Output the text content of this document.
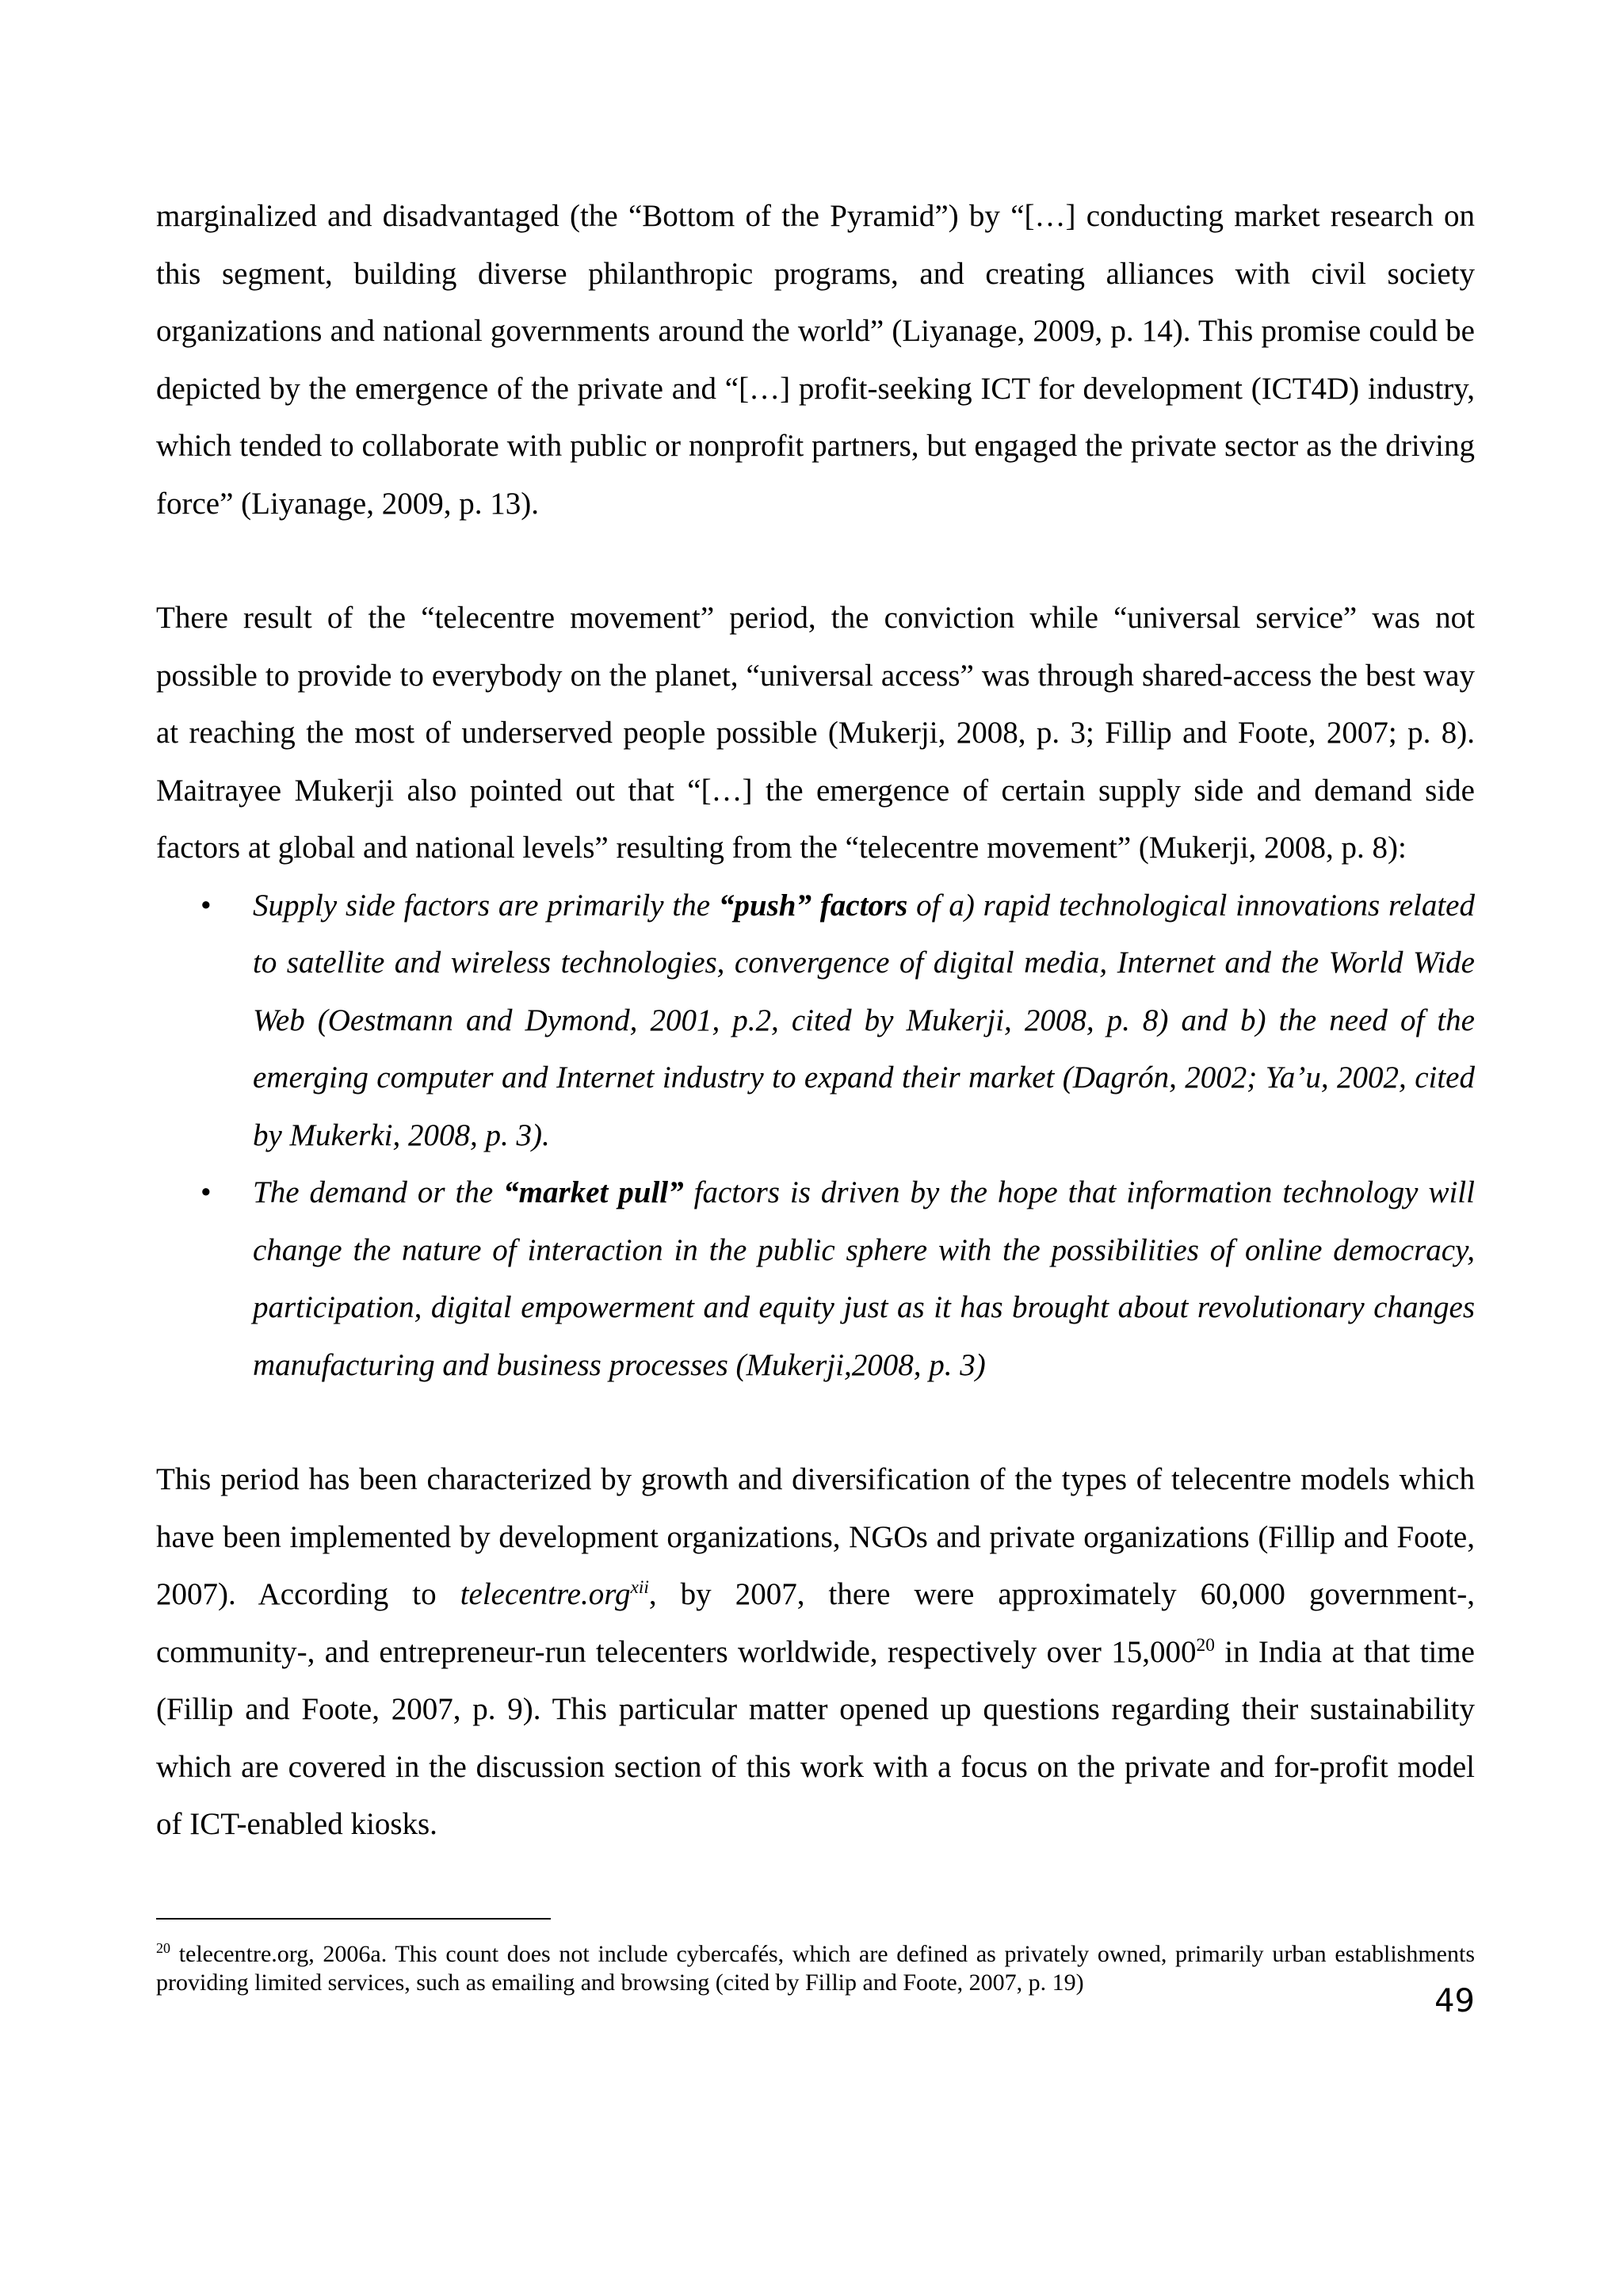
marginalized and disadvantaged (the “Bottom of the Pyramid”) by “[…] conducting market research on this segment, building diverse philanthropic programs, and creating alliances with civil society organizations and national governments around the world” (Liyanage, 2009, p. 14). This promise could be depicted by the emergence of the private and “[…] profit-seeking ICT for development (ICT4D) industry, which tended to collaborate with public or nonprofit partners, but engaged the private sector as the driving force” (Liyanage, 2009, p. 13).

There result of the “telecentre movement” period, the conviction while “universal service” was not possible to provide to everybody on the planet, “universal access” was through shared-access the best way at reaching the most of underserved people possible (Mukerji, 2008, p. 3; Fillip and Foote, 2007; p. 8). Maitrayee Mukerji also pointed out that “[…] the emergence of certain supply side and demand side factors at global and national levels” resulting from the “telecentre movement” (Mukerji, 2008, p. 8):

• Supply side factors are primarily the “push” factors of a) rapid technological innovations related to satellite and wireless technologies, convergence of digital media, Internet and the World Wide Web (Oestmann and Dymond, 2001, p.2, cited by Mukerji, 2008, p. 8) and b) the need of the emerging computer and Internet industry to expand their market (Dagrón, 2002; Ya’u, 2002, cited by Mukerki, 2008, p. 3).
• The demand or the “market pull” factors is driven by the hope that information technology will change the nature of interaction in the public sphere with the possibilities of online democracy, participation, digital empowerment and equity just as it has brought about revolutionary changes manufacturing and business processes (Mukerji,2008, p. 3)

This period has been characterized by growth and diversification of the types of telecentre models which have been implemented by development organizations, NGOs and private organizations (Fillip and Foote, 2007). According to telecentre.org$^{xii}$, by 2007, there were approximately 60,000 government-, community-, and entrepreneur-run telecenters worldwide, respectively over 15,000$^{20}$ in India at that time (Fillip and Foote, 2007, p. 9). This particular matter opened up questions regarding their sustainability which are covered in the discussion section of this work with a focus on the private and for-profit model of ICT-enabled kiosks.

$^{20}$ telecentre.org, 2006a. This count does not include cybercafés, which are defined as privately owned, primarily urban establishments providing limited services, such as emailing and browsing (cited by Fillip and Foote, 2007, p. 19)
49
